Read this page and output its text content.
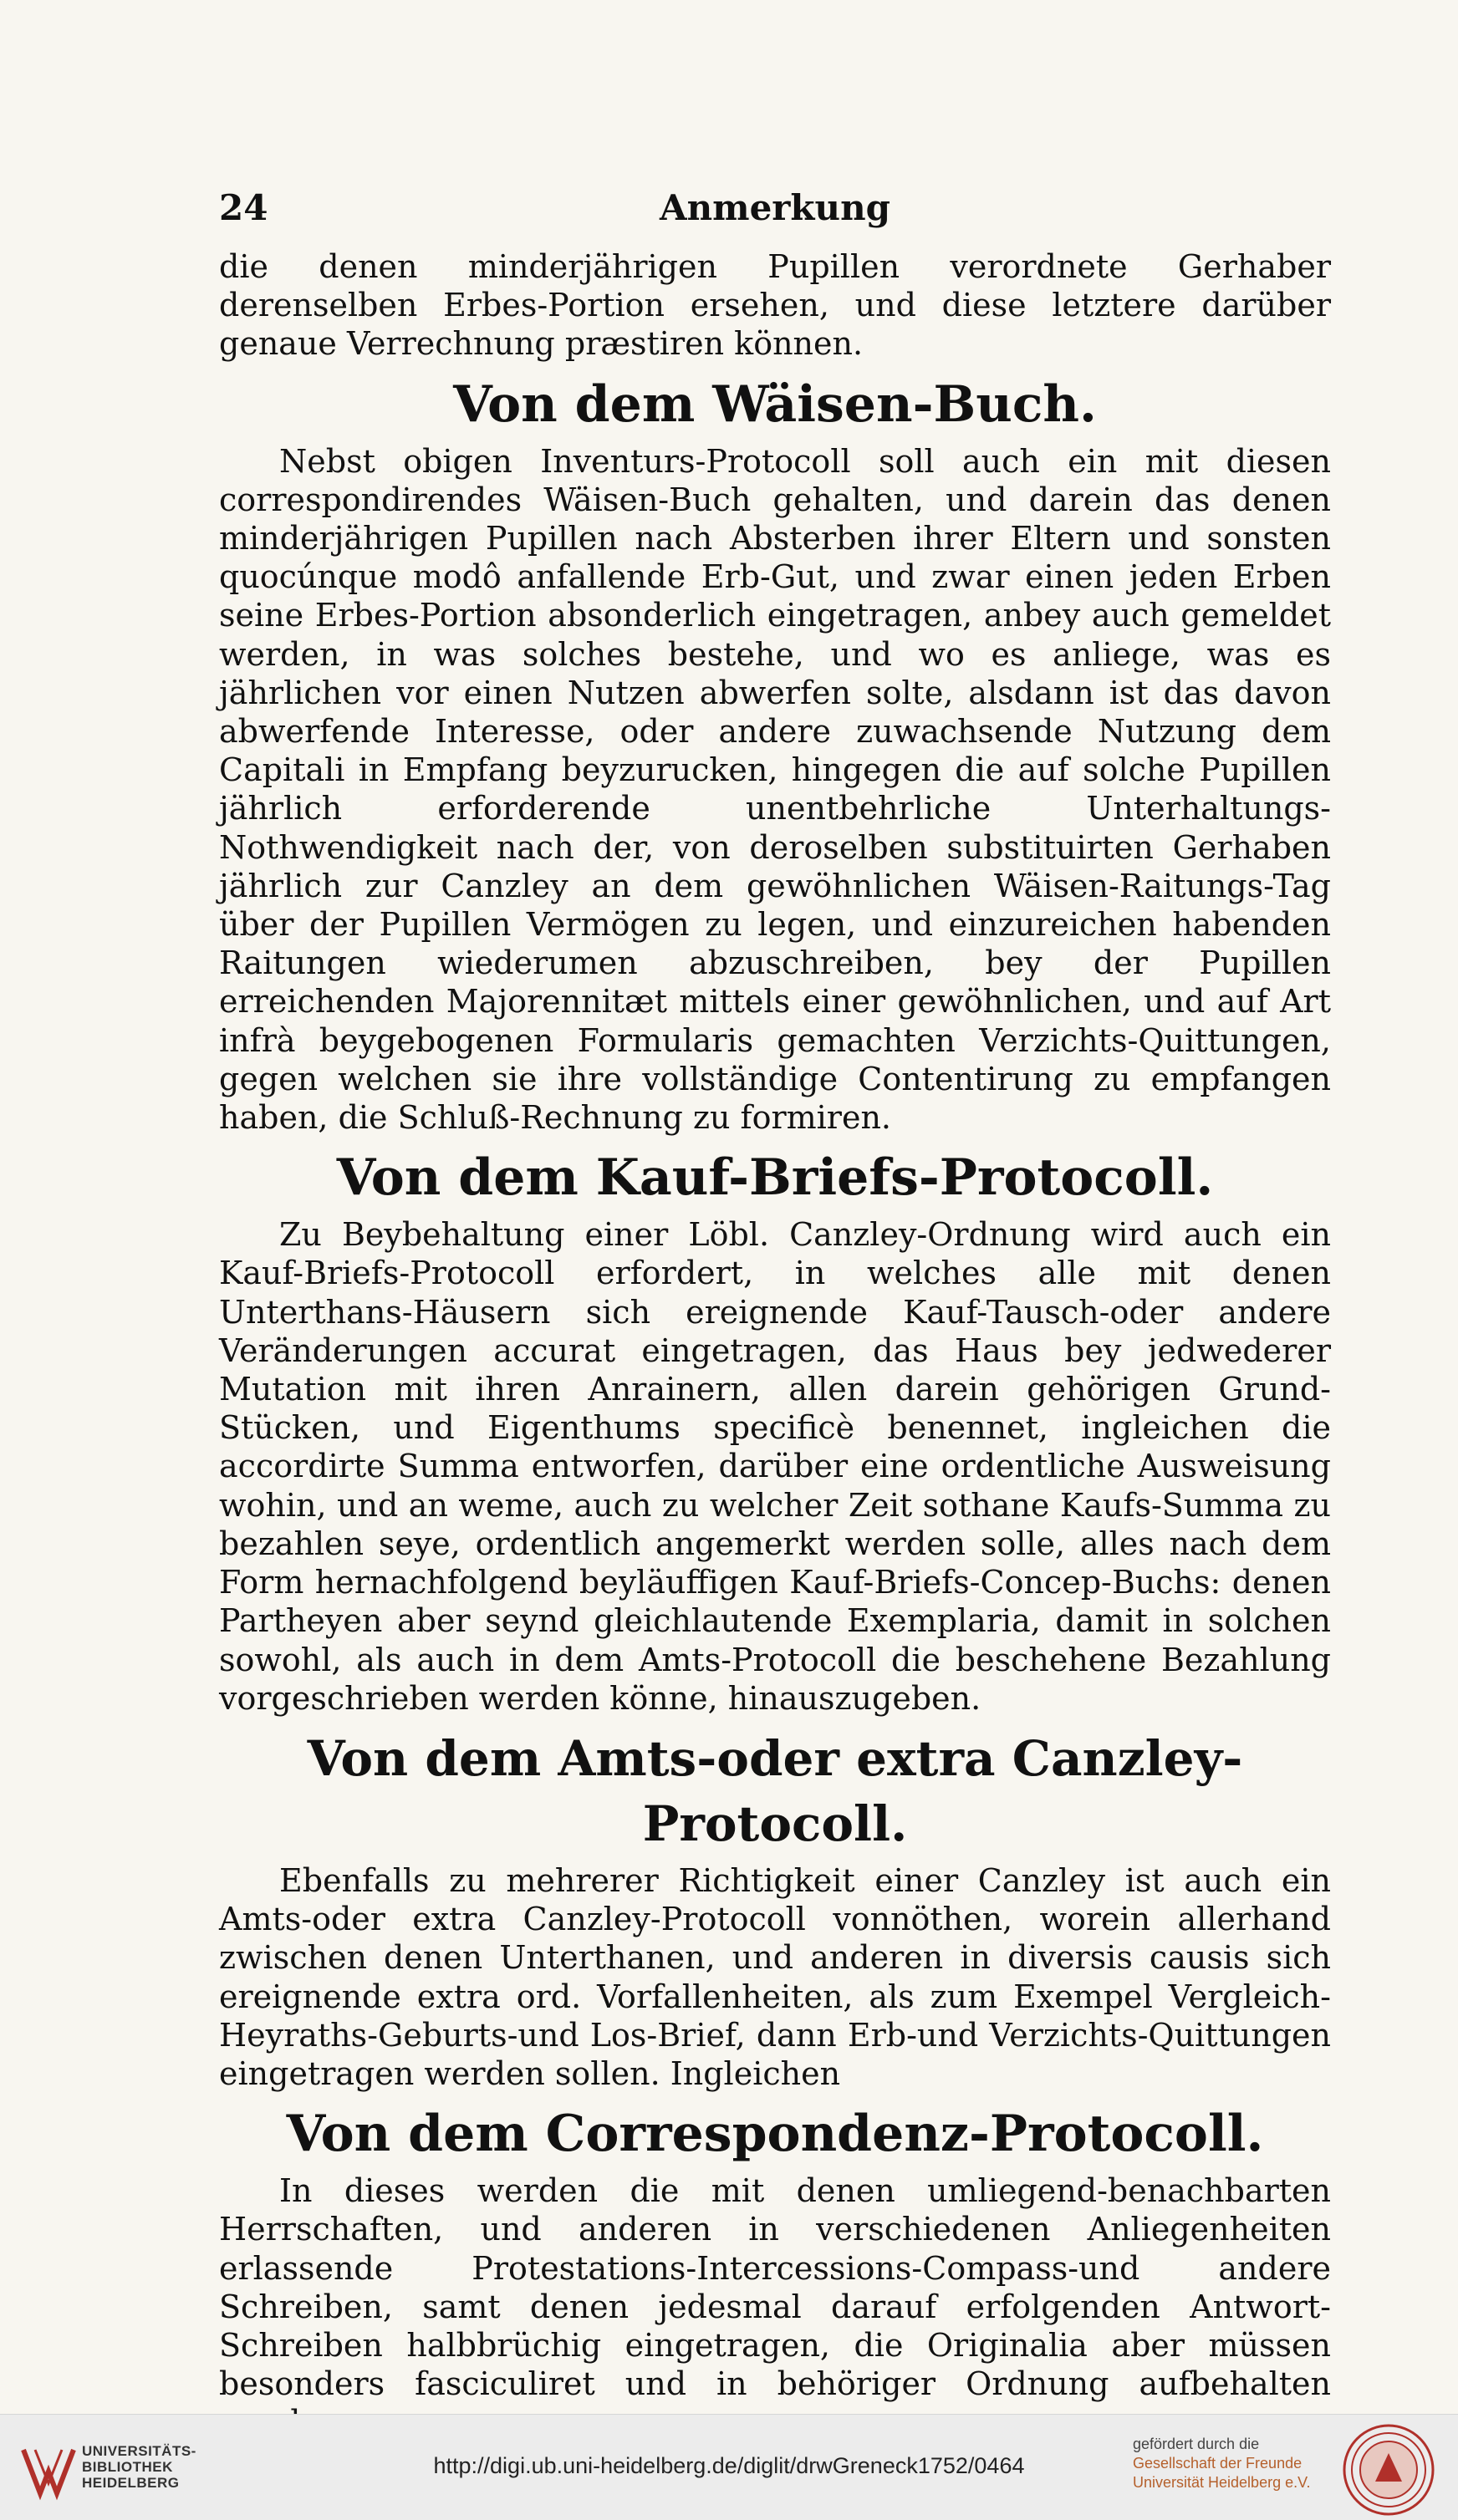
24	Anmerkung

die denen minderjährigen Pupillen verordnete Gerhaber derenselben Erbes-Portion ersehen, und diese letztere darüber genaue Verrechnung præstiren können.

Von dem Wäisen-Buch.

Nebst obigen Inventurs-Protocoll soll auch ein mit diesen correspondirendes Wäisen-Buch gehalten, und darein das denen minderjährigen Pupillen nach Absterben ihrer Eltern und sonsten quocúnque modô anfallende Erb-Gut, und zwar einen jeden Erben seine Erbes-Portion absonderlich eingetragen, anbey auch gemeldet werden, in was solches bestehe, und wo es anliege, was es jährlichen vor einen Nutzen abwerfen solte, alsdann ist das davon abwerfende Interesse, oder andere zuwachsende Nutzung dem Capitali in Empfang beyzurucken, hingegen die auf solche Pupillen jährlich erforderende unentbehrliche Unterhaltungs-Nothwendigkeit nach der, von deroselben substituirten Gerhaben jährlich zur Canzley an dem gewöhnlichen Wäisen-Raitungs-Tag über der Pupillen Vermögen zu legen, und einzureichen habenden Raitungen wiederumen abzuschreiben, bey der Pupillen erreichenden Majorennitæt mittels einer gewöhnlichen, und auf Art infrà beygebogenen Formularis gemachten Verzichts-Quittungen, gegen welchen sie ihre vollständige Contentirung zu empfangen haben, die Schluß-Rechnung zu formiren.

Von dem Kauf-Briefs-Protocoll.

Zu Beybehaltung einer Löbl. Canzley-Ordnung wird auch ein Kauf-Briefs-Protocoll erfordert, in welches alle mit denen Unterthans-Häusern sich ereignende Kauf-Tausch-oder andere Veränderungen accurat eingetragen, das Haus bey jedwederer Mutation mit ihren Anrainern, allen darein gehörigen Grund-Stücken, und Eigenthums specificè benennet, ingleichen die accordirte Summa entworfen, darüber eine ordentliche Ausweisung wohin, und an weme, auch zu welcher Zeit sothane Kaufs-Summa zu bezahlen seye, ordentlich angemerkt werden solle, alles nach dem Form hernachfolgend beyläuffigen Kauf-Briefs-Concep-Buchs: denen Partheyen aber seynd gleichlautende Exemplaria, damit in solchen sowohl, als auch in dem Amts-Protocoll die beschehene Bezahlung vorgeschrieben werden könne, hinauszugeben.

Von dem Amts-oder extra Canzley-Protocoll.

Ebenfalls zu mehrerer Richtigkeit einer Canzley ist auch ein Amts-oder extra Canzley-Protocoll vonnöthen, worein allerhand zwischen denen Unterthanen, und anderen in diversis causis sich ereignende extra ord. Vorfallenheiten, als zum Exempel Vergleich-Heyraths-Geburts-und Los-Brief, dann Erb-und Verzichts-Quittungen eingetragen werden sollen. Ingleichen

Von dem Correspondenz-Protocoll.

In dieses werden die mit denen umliegend-benachbarten Herrschaften, und anderen in verschiedenen Anliegenheiten erlassende Protestations-Intercessions-Compass-und andere Schreiben, samt denen jedesmal darauf erfolgenden Antwort-Schreiben halbbrüchig eingetragen, die Originalia aber müssen besonders fasciculiret und in behöriger Ordnung aufbehalten

UNIVERSITÄTS-
BIBLIOTHEK
HEIDELBERG
http://digi.ub.uni-heidelberg.de/diglit/drwGreneck1752/0464
gefördert durch die
Gesellschaft der Freunde
Universität Heidelberg e.V.
